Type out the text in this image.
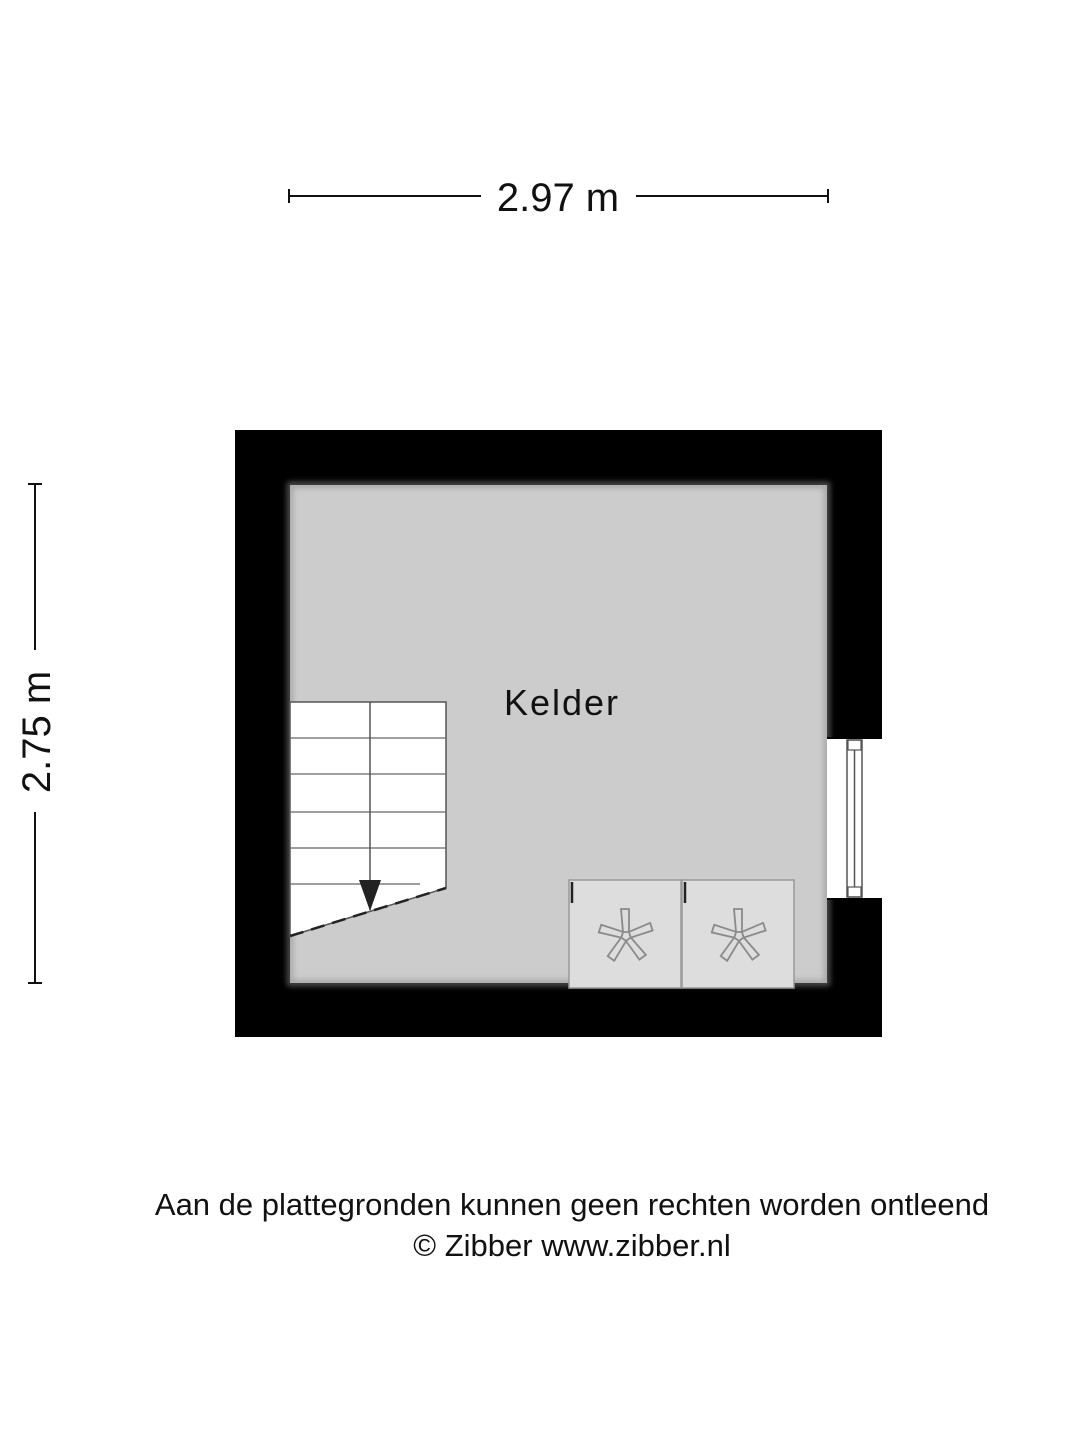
2.97 m
2.75 m	Kelder
Aan de plattegronden kunnen geen rechten worden ontleend
© Zibber www.zibber.nl
